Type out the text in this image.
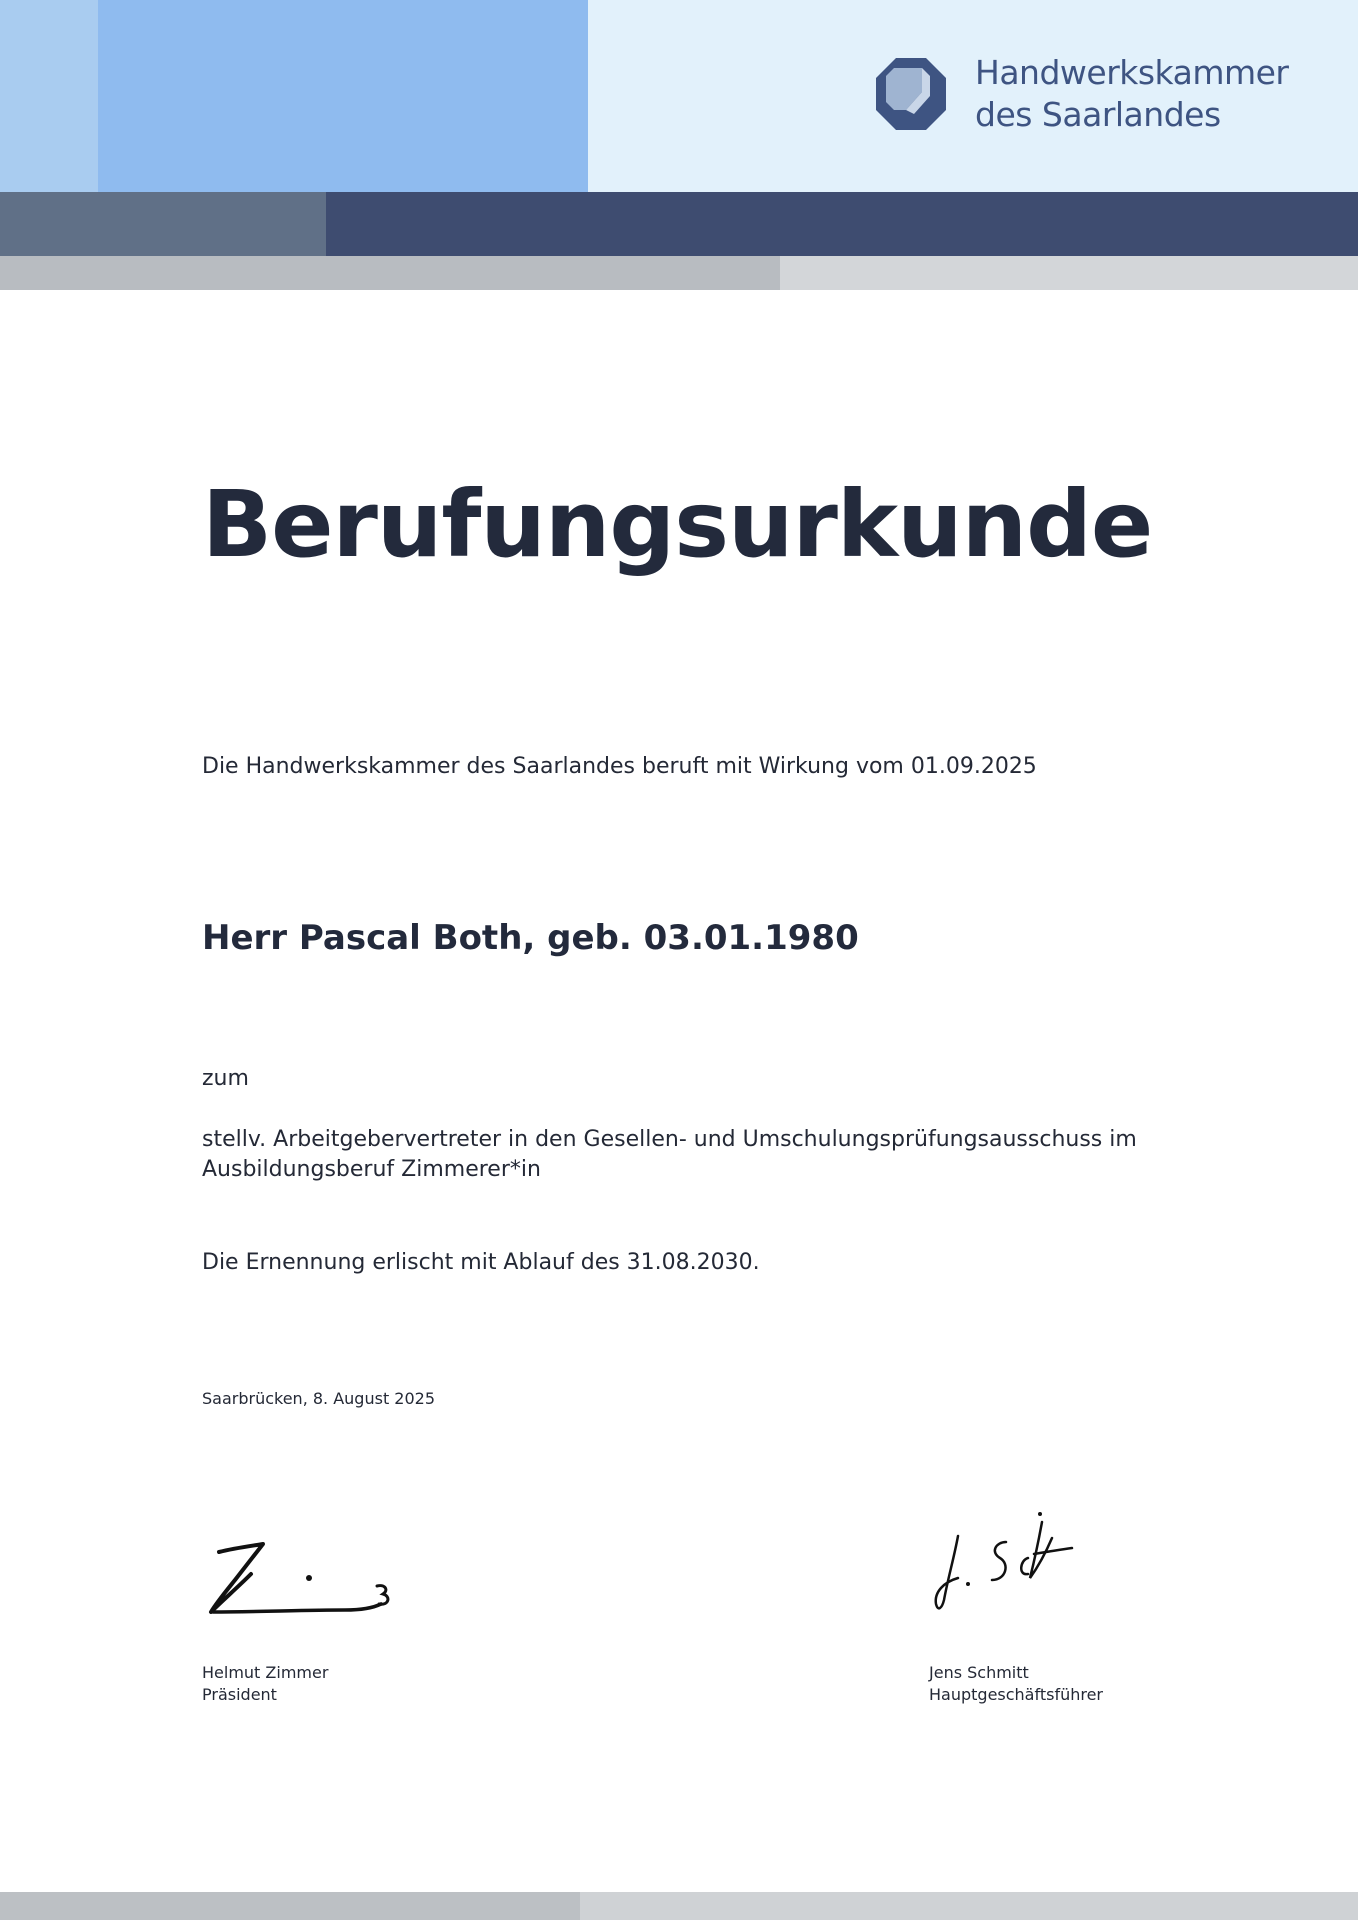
Handwerkskammer
des Saarlandes
Berufungsurkunde
Die Handwerkskammer des Saarlandes beruft mit Wirkung vom 01.09.2025
Herr Pascal Both, geb. 03.01.1980
zum
stellv. Arbeitgebervertreter in den Gesellen- und Umschulungsprüfungsausschuss im
Ausbildungsberuf Zimmerer*in
Die Ernennung erlischt mit Ablauf des 31.08.2030.
Saarbrücken, 8. August 2025
Helmut Zimmer
Präsident
Jens Schmitt
Hauptgeschäftsführer
